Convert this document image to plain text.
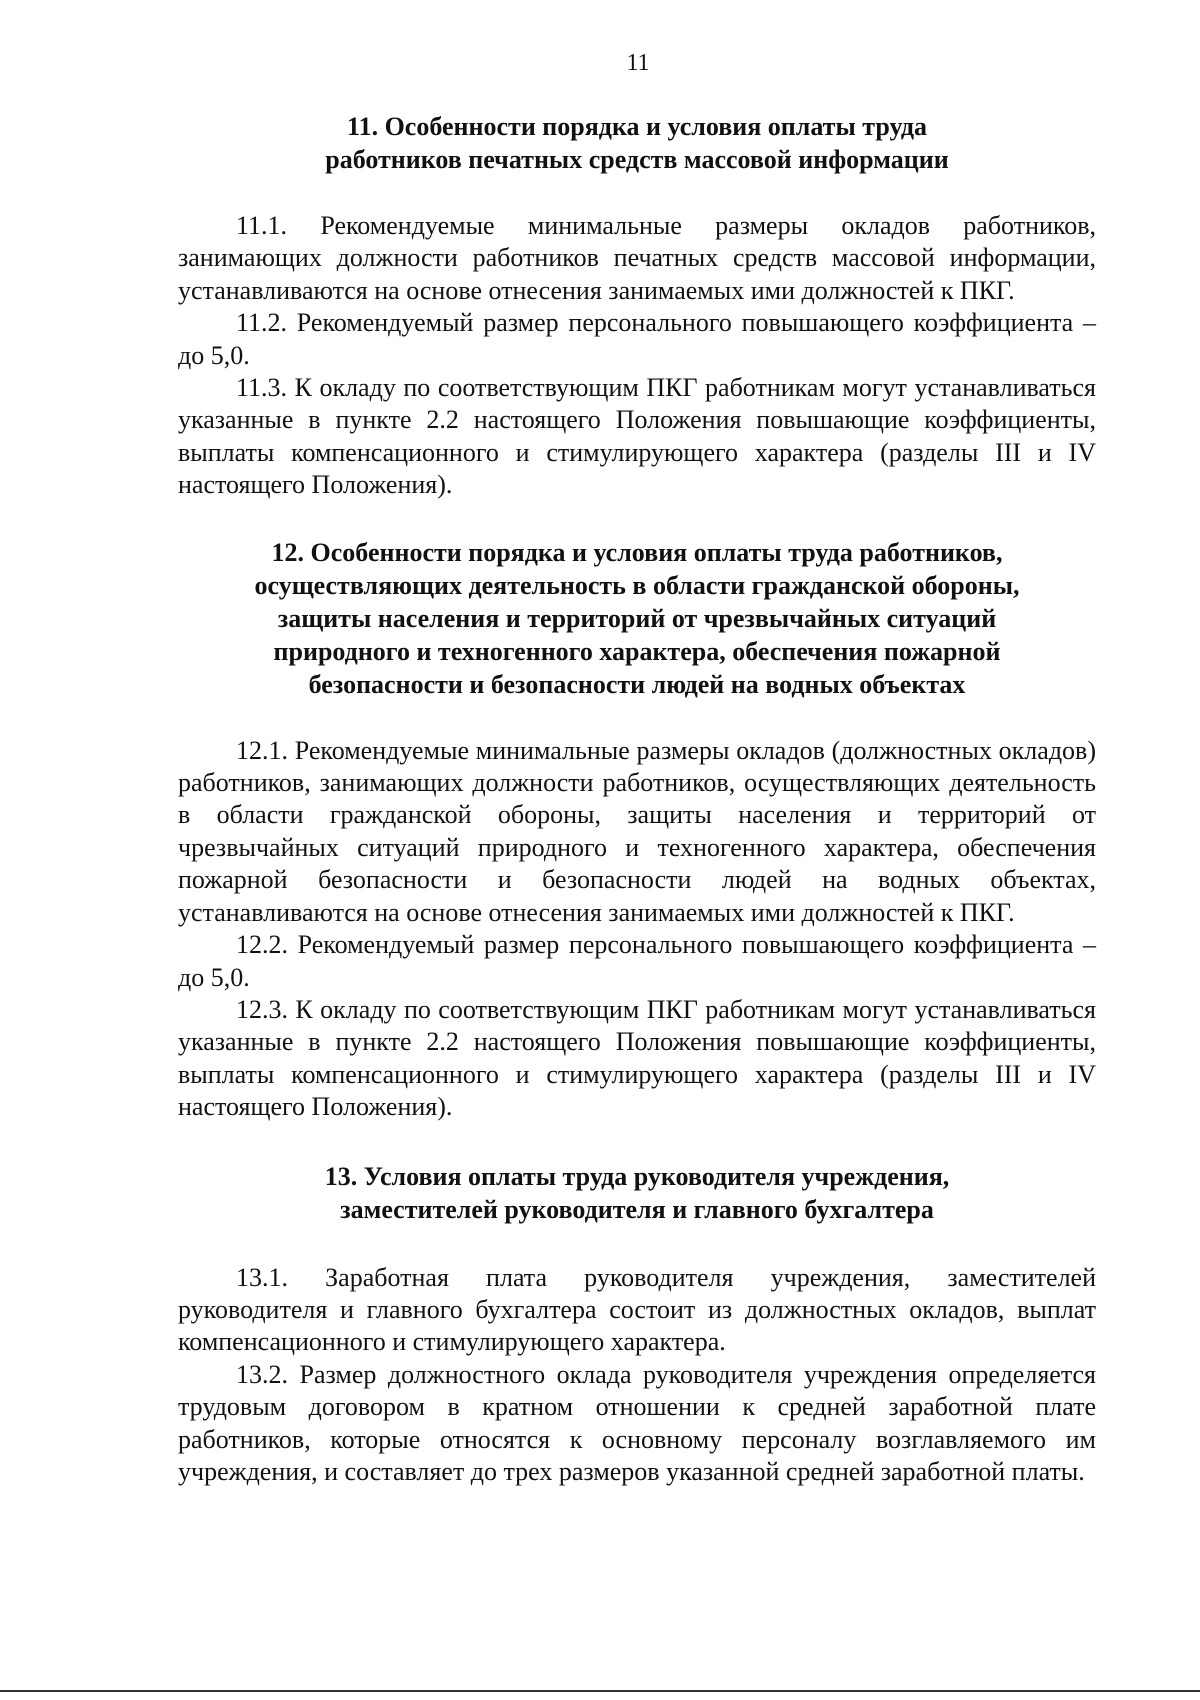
11
11. Особенности порядка и условия оплаты труда
работников печатных средств массовой информации

11.1. Рекомендуемые минимальные размеры окладов работников, занимающих должности работников печатных средств массовой информации, устанавливаются на основе отнесения занимаемых ими должностей к ПКГ.

11.2. Рекомендуемый размер персонального повышающего коэффициента – до 5,0.

11.3. К окладу по соответствующим ПКГ работникам могут устанавливаться указанные в пункте 2.2 настоящего Положения повышающие коэффициенты, выплаты компенсационного и стимулирующего характера (разделы III и IV настоящего Положения).

12. Особенности порядка и условия оплаты труда работников,
осуществляющих деятельность в области гражданской обороны,
защиты населения и территорий от чрезвычайных ситуаций
природного и техногенного характера, обеспечения пожарной
безопасности и безопасности людей на водных объектах

12.1. Рекомендуемые минимальные размеры окладов (должностных окладов) работников, занимающих должности работников, осуществляющих деятельность в области гражданской обороны, защиты населения и территорий от чрезвычайных ситуаций природного и техногенного характера, обеспечения пожарной безопасности и безопасности людей на водных объектах, устанавливаются на основе отнесения занимаемых ими должностей к ПКГ.

12.2. Рекомендуемый размер персонального повышающего коэффициента – до 5,0.

12.3. К окладу по соответствующим ПКГ работникам могут устанавливаться указанные в пункте 2.2 настоящего Положения повышающие коэффициенты, выплаты компенсационного и стимулирующего характера (разделы III и IV настоящего Положения).

13. Условия оплаты труда руководителя учреждения,
заместителей руководителя и главного бухгалтера

13.1. Заработная плата руководителя учреждения, заместителей руководителя и главного бухгалтера состоит из должностных окладов, выплат компенсационного и стимулирующего характера.

13.2. Размер должностного оклада руководителя учреждения определяется трудовым договором в кратном отношении к средней заработной плате работников, которые относятся к основному персоналу возглавляемого им учреждения, и составляет до трех размеров указанной средней заработной платы.
